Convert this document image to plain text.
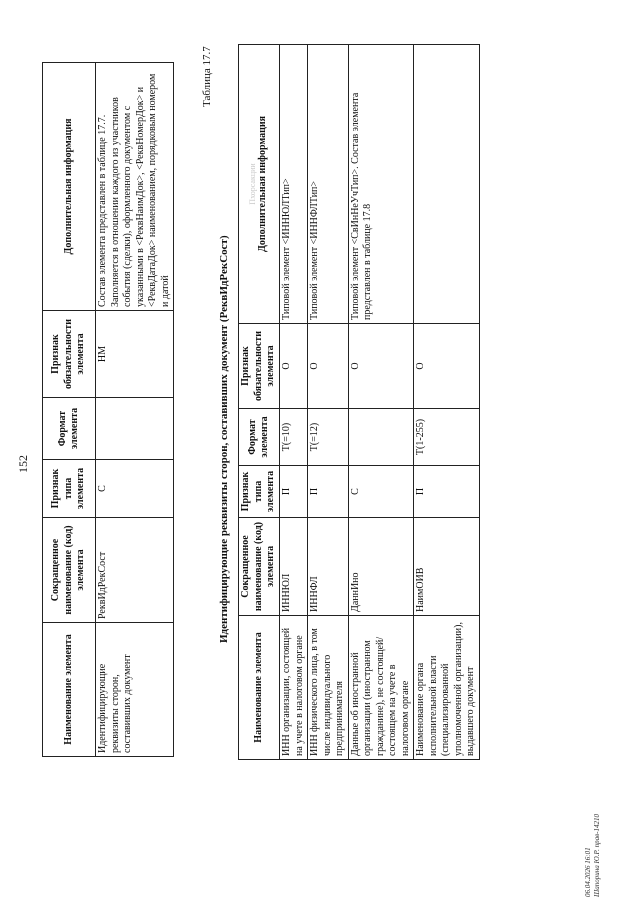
152
Наименование элемента	Сокращенное наименование (код) элемента	Признак типа элемента	Формат элемента	Признак обязательности элемента	Дополнительная информация
Идентифицирующие реквизиты сторон, составивших документ	РеквИдРекСост	С		НМ	Состав элемента представлен в таблице 17.7. Заполняется в отношении каждого из участников события (сделки), оформленного документом с указанными в <РеквНаимДок>, <РеквНомерДок> и <РеквДатаДок> наименованием, порядковым номером и датой
Таблица 17.7
Идентифицирующие реквизиты сторон, составивших документ (РеквИдРекСост)
Наименование элемента	Сокращенное наименование (код) элемента	Признак типа элемента	Формат элемента	Признак обязательности элемента	Пхорсакции Дополнительная информация

ИНН организации, состоящей на учете в налоговом органе	ИННЮЛ	П	T(=10)	О	Типовой элемент <ИННЮЛТип>
ИНН физического лица, в том числе индивидуального предпринимателя	ИННФЛ	П	T(=12)	О	Типовой элемент <ИННФЛТип>
Данные об иностранной организации (иностранном гражданине), не состоящей/состоящем на учете в налоговом органе	ДаннИно	С		О	Типовой элемент <СвИнНеУчТип>. Состав элемента представлен в таблице 17.8
Наименование органа исполнительной власти (специализированной уполномоченной организации), выдавшего документ	НаимОИВ	П	T(1-255)	О	
06.04.2026 16:01 Шапорина Ю.Р. прав-14210
